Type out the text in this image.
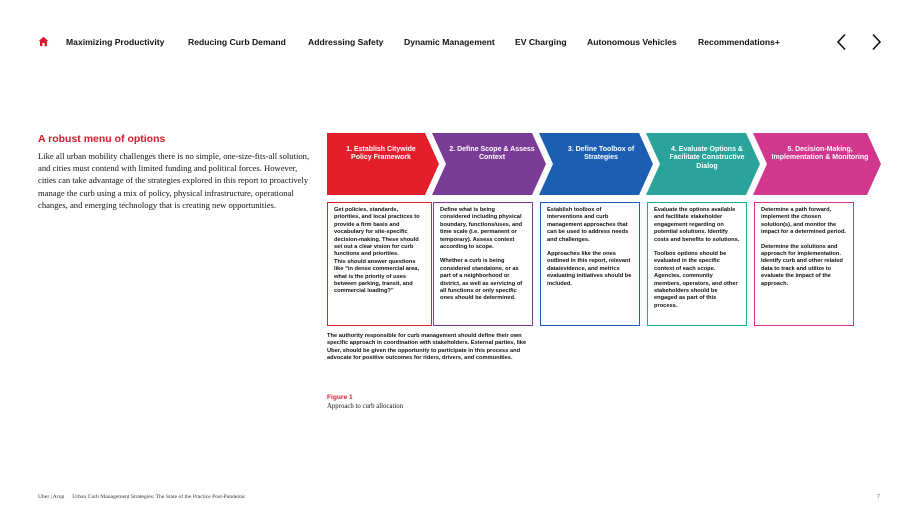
Maximizing Productivity	Reducing Curb Demand	Addressing Safety Dynamic Management EV Charging Autonomous Vehicles Recommendations+
A robust menu of options
Like all urban mobility challenges there is no simple, one-size-fits-all solution, and cities must contend with limited funding and political forces. However, cities can take advantage of the strategies explored in this report to proactively manage the curb using a mix of policy, physical infrastructure, operational changes, and emerging technology that is creating new opportunities.
1. Establish Citywide Policy Framework
2. Define Scope & Assess Context
3. Define Toolbox of Strategies
4. Evaluate Options & Facilitate Constructive Dialog
5. Decision-Making, Implementation & Monitoring

Get policies, standards, priorities, and local practices to provide a firm basis and vocabulary for site-specific decision-making. These should set out a clear vision for curb functions and priorities.
This should answer questions like “in dense commercial area, what is the priority of uses between parking, transit, and commercial loading?”

Define what is being considered including physical boundary, functions/uses, and time scale (i.e. permanent or temporary). Assess context according to scope.

Whether a curb is being considered standalone, or as part of a neighborhood or district, as well as servicing of all functions or only specific ones should be determined.

Establish toolbox of interventions and curb management approaches that can be used to address needs and challenges.

Approaches like the ones outlined in this report, relevant data/evidence, and metrics evaluating initiatives should be included.

Evaluate the options available and facilitate stakeholder engagement regarding on potential solutions. Identify costs and benefits to solutions.

Toolbox options should be evaluated in the specific context of each scope. Agencies, community members, operators, and other stakeholders should be engaged as part of this process.

Determine a path forward, implement the chosen solution(s), and monitor the impact for a determined period.

Determine the solutions and approach for implementation. Identify curb and other related data to track and utilize to evaluate the impact of the approach.

The authority responsible for curb management should define their own specific approach in coordination with stakeholders. External parties, like Uber, should be given the opportunity to participate in this process and advocate for positive outcomes for riders, drivers, and communities.
Figure 1
Approach to curb allocation
Uber | Arup Urban Curb Management Strategies: The State of the Practice Post-Pandemic	7
